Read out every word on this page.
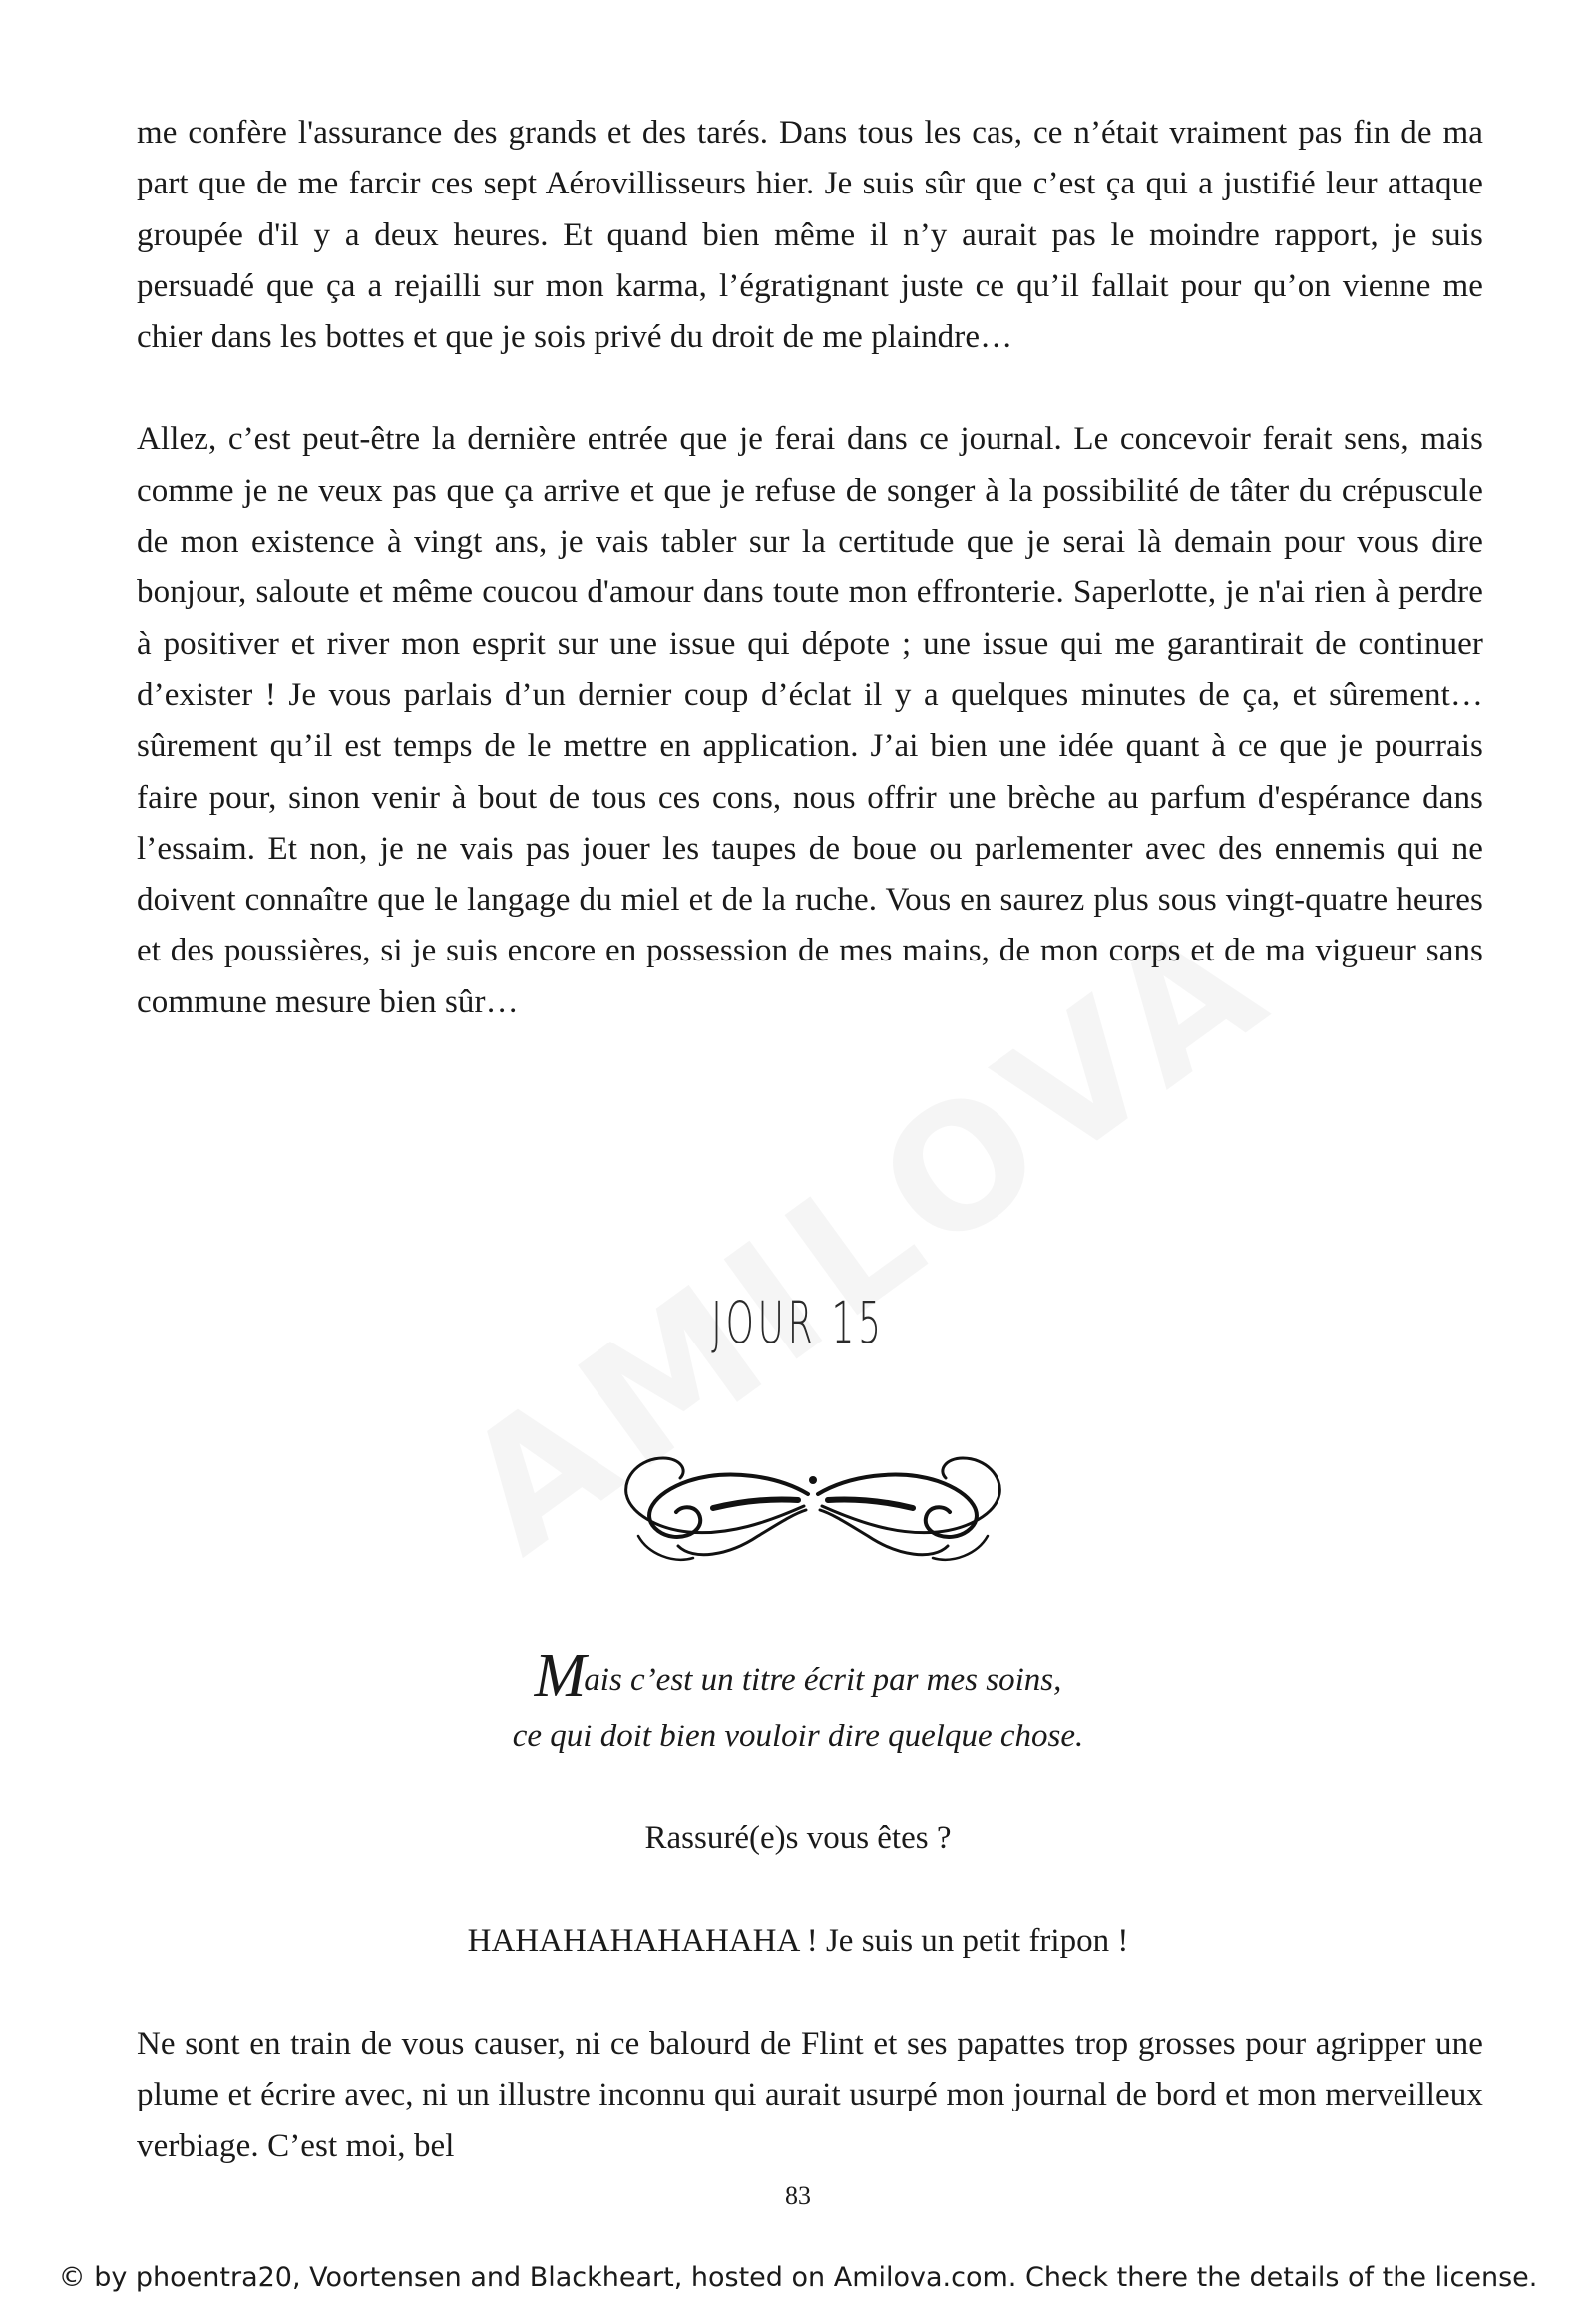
me confère l'assurance des grands et des tarés. Dans tous les cas, ce n’était vraiment pas fin de ma part que de me farcir ces sept Aérovillisseurs hier. Je suis sûr que c’est ça qui a justifié leur attaque groupée d'il y a deux heures. Et quand bien même il n’y aurait pas le moindre rapport, je suis persuadé que ça a rejailli sur mon karma, l’égratignant juste ce qu’il fallait pour qu’on vienne me chier dans les bottes et que je sois privé du droit de me plaindre…

Allez, c’est peut-être la dernière entrée que je ferai dans ce journal. Le concevoir ferait sens, mais comme je ne veux pas que ça arrive et que je refuse de songer à la possibilité de tâter du crépuscule de mon existence à vingt ans, je vais tabler sur la certitude que je serai là demain pour vous dire bonjour, saloute et même coucou d'amour dans toute mon effronterie. Saperlotte, je n'ai rien à perdre à positiver et river mon esprit sur une issue qui dépote ; une issue qui me garantirait de continuer d’exister ! Je vous parlais d’un dernier coup d’éclat il y a quelques minutes de ça, et sûrement… sûrement qu’il est temps de le mettre en application. J’ai bien une idée quant à ce que je pourrais faire pour, sinon venir à bout de tous ces cons, nous offrir une brèche au parfum d'espérance dans l’essaim. Et non, je ne vais pas jouer les taupes de boue ou parlementer avec des ennemis qui ne doivent connaître que le langage du miel et de la ruche. Vous en saurez plus sous vingt-quatre heures et des poussières, si je suis encore en possession de mes mains, de mon corps et de ma vigueur sans commune mesure bien sûr…

JOUR 15
Mais c’est un titre écrit par mes soins,
ce qui doit bien vouloir dire quelque chose.
Rassuré(e)s vous êtes ?
HAHAHAHAHAHAHA ! Je suis un petit fripon !

Ne sont en train de vous causer, ni ce balourd de Flint et ses papattes trop grosses pour agripper une plume et écrire avec, ni un illustre inconnu qui aurait usurpé mon journal de bord et mon merveilleux verbiage. C’est moi, bel

83
© by phoentra20, Voortensen and Blackheart, hosted on Amilova.com. Check there the details of the license.
